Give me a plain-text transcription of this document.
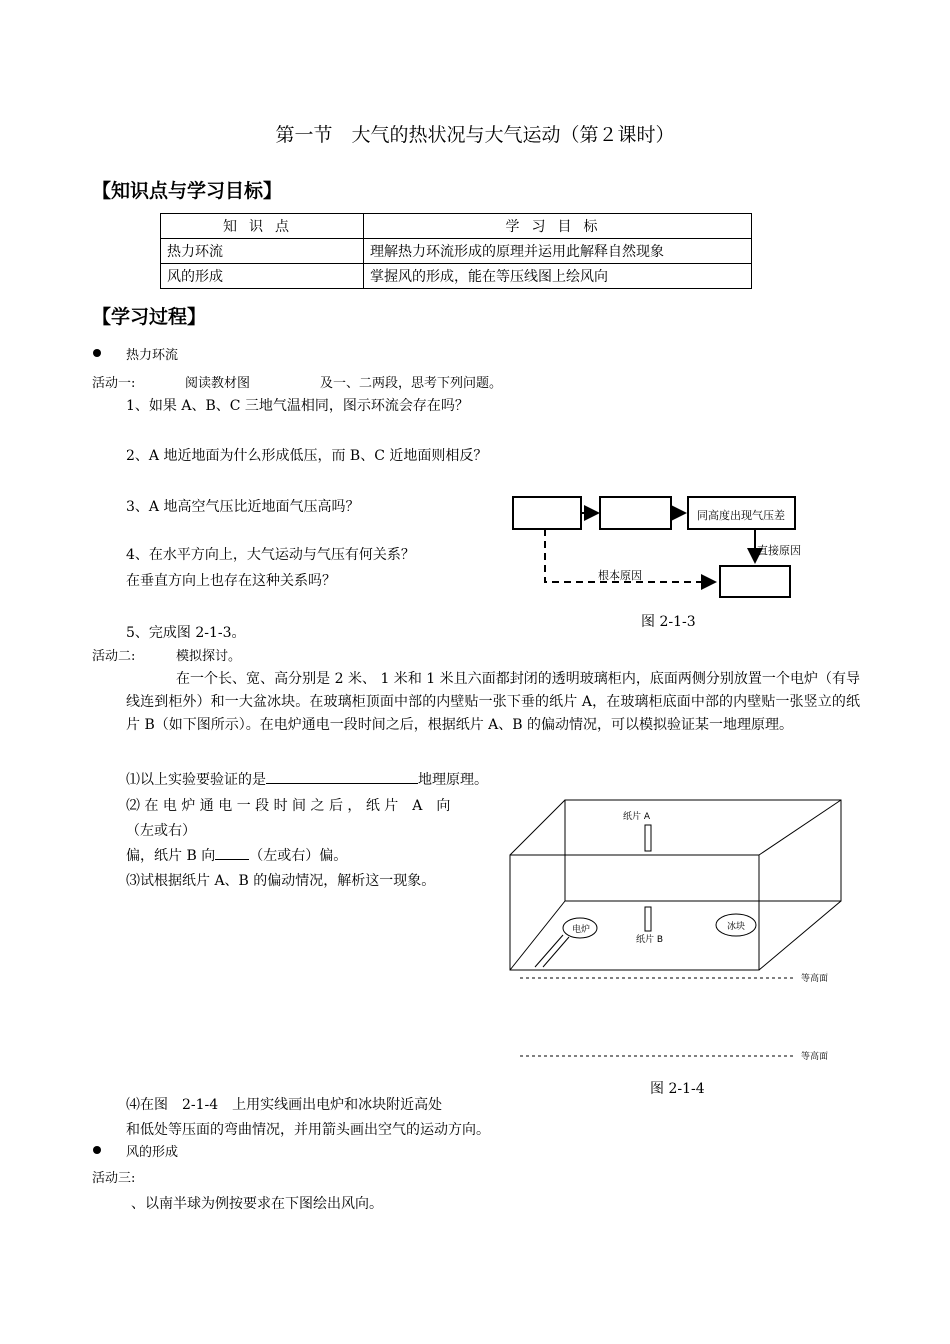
第一节　大气的热状况与大气运动（第２课时）
【知识点与学习目标】
知识点	学习目标
热力环流	理解热力环流形成的原理并运用此解释自然现象
风的形成	掌握风的形成，能在等压线图上绘风向
【学习过程】
热力环流
活动一:	阅读教材图	及一、二两段，思考下列问题。
1、如果 A、B、C 三地气温相同，图示环流会存在吗？
2、A 地近地面为什么形成低压，而 B、C 近地面则相反？
3、A 地高空气压比近地面气压高吗？
4、在水平方向上，大气运动与气压有何关系？
在垂直方向上也存在这种关系吗？
5、完成图 2-1-3。
同高度出现气压差
直接原因
根本原因
图 2-1-3
活动二:	模拟探讨。
在一个长、宽、高分别是 2 米、 1 米和 1 米且六面都封闭的透明玻璃柜内，底面两侧分别放置一个电炉（有导线连到柜外）和一大盆冰块。在玻璃柜顶面中部的内壁贴一张下垂的纸片 A，在玻璃柜底面中部的内壁贴一张竖立的纸片 B（如下图所示）。在电炉通电一段时间之后，根据纸片 A、B 的偏动情况，可以模拟验证某一地理原理。
⑴以上实验要验证的是	地理原理。
⑵ 在 电 炉 通 电 一 段 时 间 之 后 ， 纸 片　A　向
（左或右）
偏，纸片 B 向 （左或右）偏。
⑶试根据纸片 A、B 的偏动情况，解析这一现象。
纸片 A
纸片 B
电炉	冰块
等高面
等高面
图 2-1-4
⑷在图　2-1-4　上用实线画出电炉和冰块附近高处
和低处等压面的弯曲情况，并用箭头画出空气的运动方向。
风的形成
活动三:
、以南半球为例按要求在下图绘出风向。
